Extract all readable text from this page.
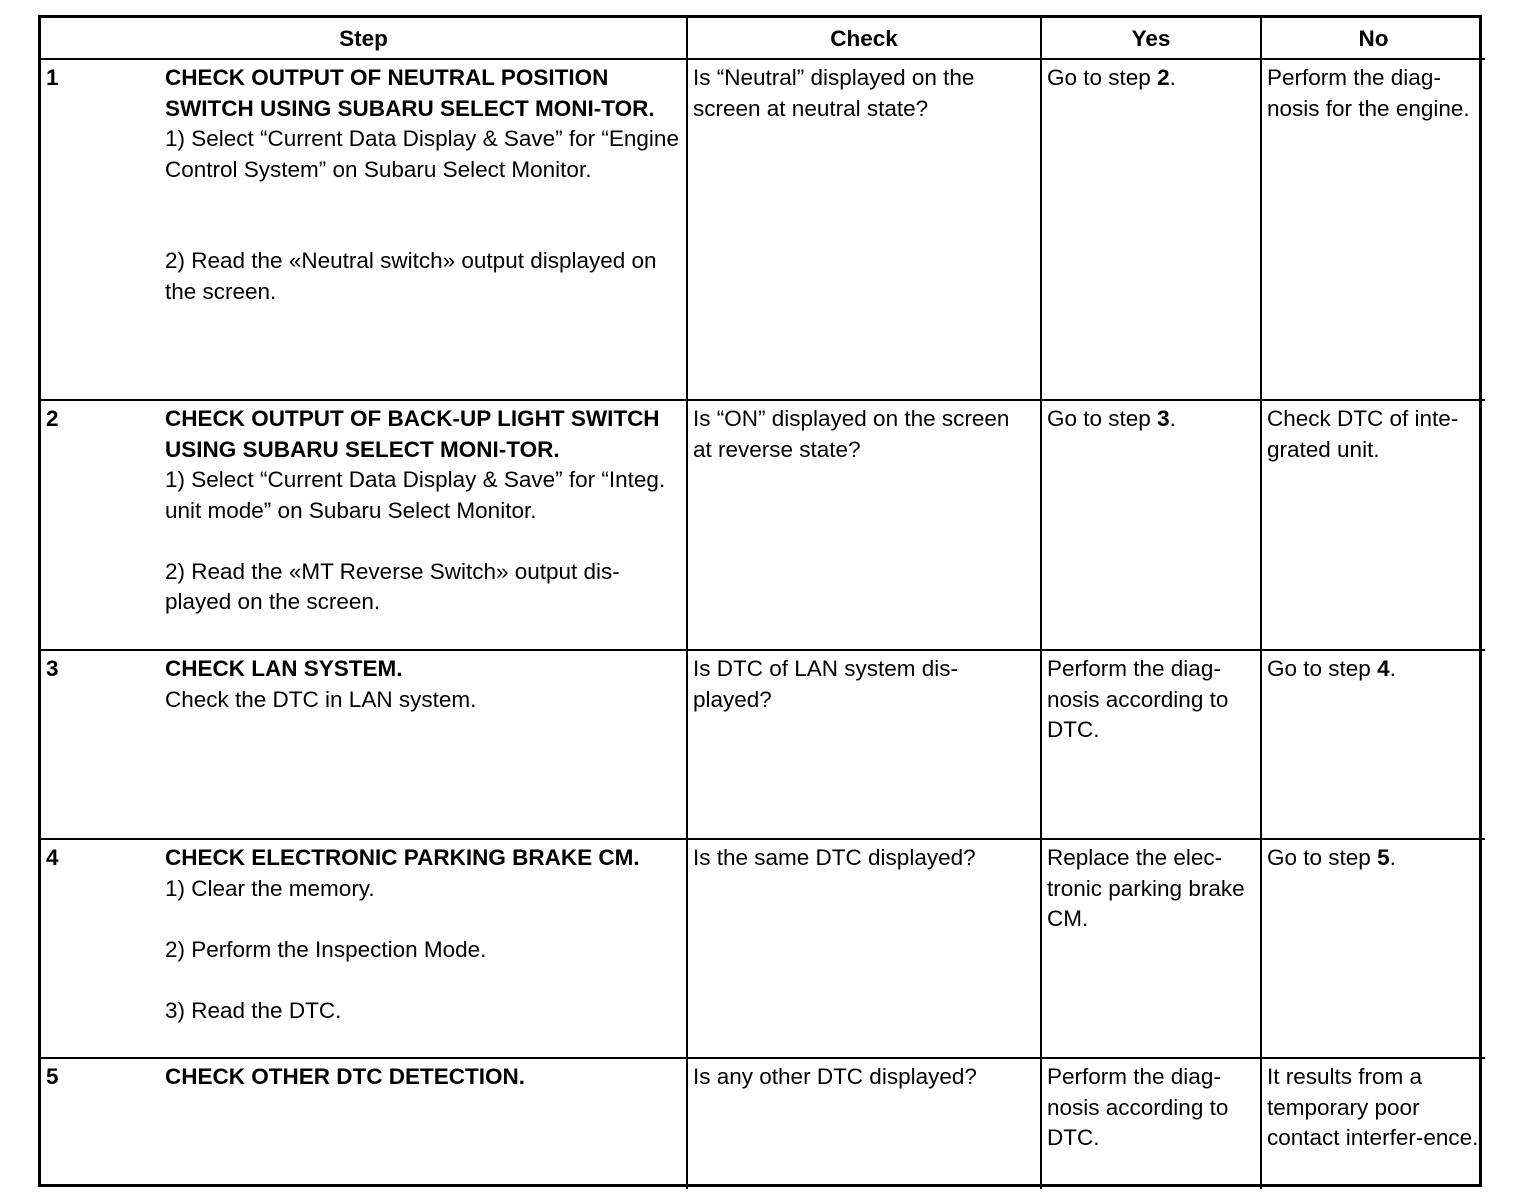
Step	Check	Yes	No

1 CHECK OUTPUT OF NEUTRAL POSITION SWITCH USING SUBARU SELECT MONI-TOR.
1) Select “Current Data Display & Save” for “Engine Control System” on Subaru Select Monitor.
2) Read the «Neutral switch» output displayed on the screen.	Is “Neutral” displayed on the screen at neutral state?	Go to step 2.	Perform the diag-nosis for the engine.

2 CHECK OUTPUT OF BACK-UP LIGHT SWITCH USING SUBARU SELECT MONI-TOR.
1) Select “Current Data Display & Save” for “Integ. unit mode” on Subaru Select Monitor.
2) Read the «MT Reverse Switch» output dis-played on the screen.	Is “ON” displayed on the screen at reverse state?	Go to step 3.	Check DTC of inte-grated unit.

3 CHECK LAN SYSTEM.
Check the DTC in LAN system.	Is DTC of LAN system dis-played?	Perform the diag-nosis according to DTC.	Go to step 4.

4 CHECK ELECTRONIC PARKING BRAKE CM.
1) Clear the memory.
2) Perform the Inspection Mode.
3) Read the DTC.	Is the same DTC displayed?	Replace the elec-tronic parking brake CM.	Go to step 5.

5 CHECK OTHER DTC DETECTION.	Is any other DTC displayed?	Perform the diag-nosis according to DTC.	It results from a temporary poor contact interfer-ence.
